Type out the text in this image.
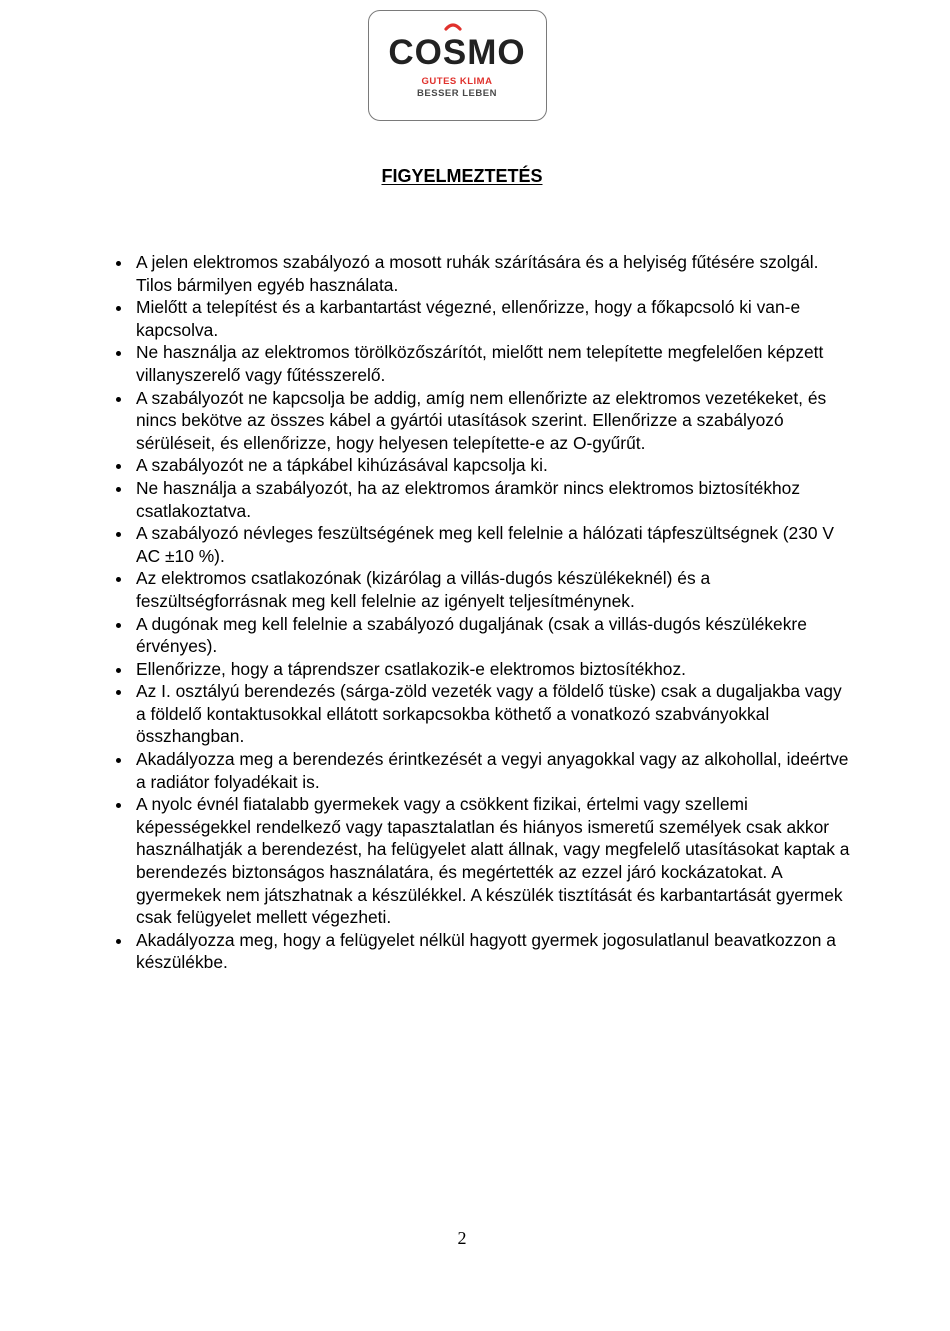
COSMO
GUTES KLIMA
BESSER LEBEN
FIGYELMEZTETÉS
A jelen elektromos szabályozó a mosott ruhák szárítására és a helyiség fűtésére szolgál. Tilos bármilyen egyéb használata.
Mielőtt a telepítést és a karbantartást végezné, ellenőrizze, hogy a főkapcsoló ki van-e kapcsolva.
Ne használja az elektromos törölközőszárítót, mielőtt nem telepítette megfelelően képzett villanyszerelő vagy fűtésszerelő.
A szabályozót ne kapcsolja be addig, amíg nem ellenőrizte az elektromos vezetékeket, és nincs bekötve az összes kábel a gyártói utasítások szerint. Ellenőrizze a szabályozó sérüléseit, és ellenőrizze, hogy helyesen telepítette-e az O-gyűrűt.
A szabályozót ne a tápkábel kihúzásával kapcsolja ki.
Ne használja a szabályozót, ha az elektromos áramkör nincs elektromos biztosítékhoz csatlakoztatva.
A szabályozó névleges feszültségének meg kell felelnie a hálózati tápfeszültségnek (230 V AC ±10 %).
Az elektromos csatlakozónak (kizárólag a villás-dugós készülékeknél) és a feszültségforrásnak meg kell felelnie az igényelt teljesítménynek.
A dugónak meg kell felelnie a szabályozó dugaljának (csak a villás-dugós készülékekre érvényes).
Ellenőrizze, hogy a táprendszer csatlakozik-e elektromos biztosítékhoz.
Az I. osztályú berendezés (sárga-zöld vezeték vagy a földelő tüske) csak a dugaljakba vagy a földelő kontaktusokkal ellátott sorkapcsokba köthető a vonatkozó szabványokkal összhangban.
Akadályozza meg a berendezés érintkezését a vegyi anyagokkal vagy az alkohollal, ideértve a radiátor folyadékait is.
A nyolc évnél fiatalabb gyermekek vagy a csökkent fizikai, értelmi vagy szellemi képességekkel rendelkező vagy tapasztalatlan és hiányos ismeretű személyek csak akkor használhatják a berendezést, ha felügyelet alatt állnak, vagy megfelelő utasításokat kaptak a berendezés biztonságos használatára, és megértették az ezzel járó kockázatokat. A gyermekek nem játszhatnak a készülékkel. A készülék tisztítását és karbantartását gyermek csak felügyelet mellett végezheti.
Akadályozza meg, hogy a felügyelet nélkül hagyott gyermek jogosulatlanul beavatkozzon a készülékbe.
2
